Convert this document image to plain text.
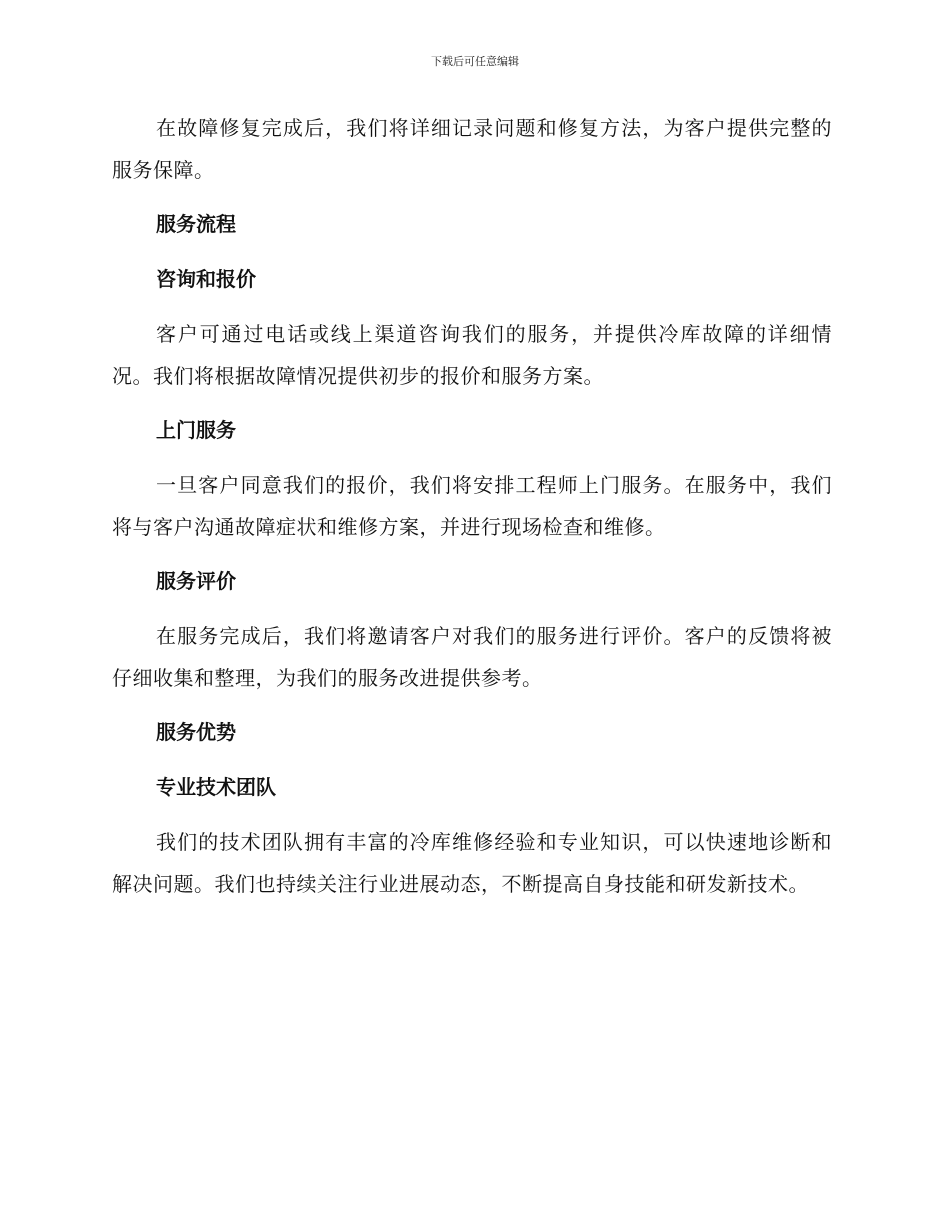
下载后可任意编辑

在故障修复完成后，我们将详细记录问题和修复方法，为客户提供完整的服务保障。

服务流程
咨询和报价

客户可通过电话或线上渠道咨询我们的服务，并提供冷库故障的详细情况。我们将根据故障情况提供初步的报价和服务方案。

上门服务

一旦客户同意我们的报价，我们将安排工程师上门服务。在服务中，我们将与客户沟通故障症状和维修方案，并进行现场检查和维修。

服务评价

在服务完成后，我们将邀请客户对我们的服务进行评价。客户的反馈将被仔细收集和整理，为我们的服务改进提供参考。

服务优势
专业技术团队

我们的技术团队拥有丰富的冷库维修经验和专业知识，可以快速地诊断和解决问题。我们也持续关注行业进展动态，不断提高自身技能和研发新技术。
